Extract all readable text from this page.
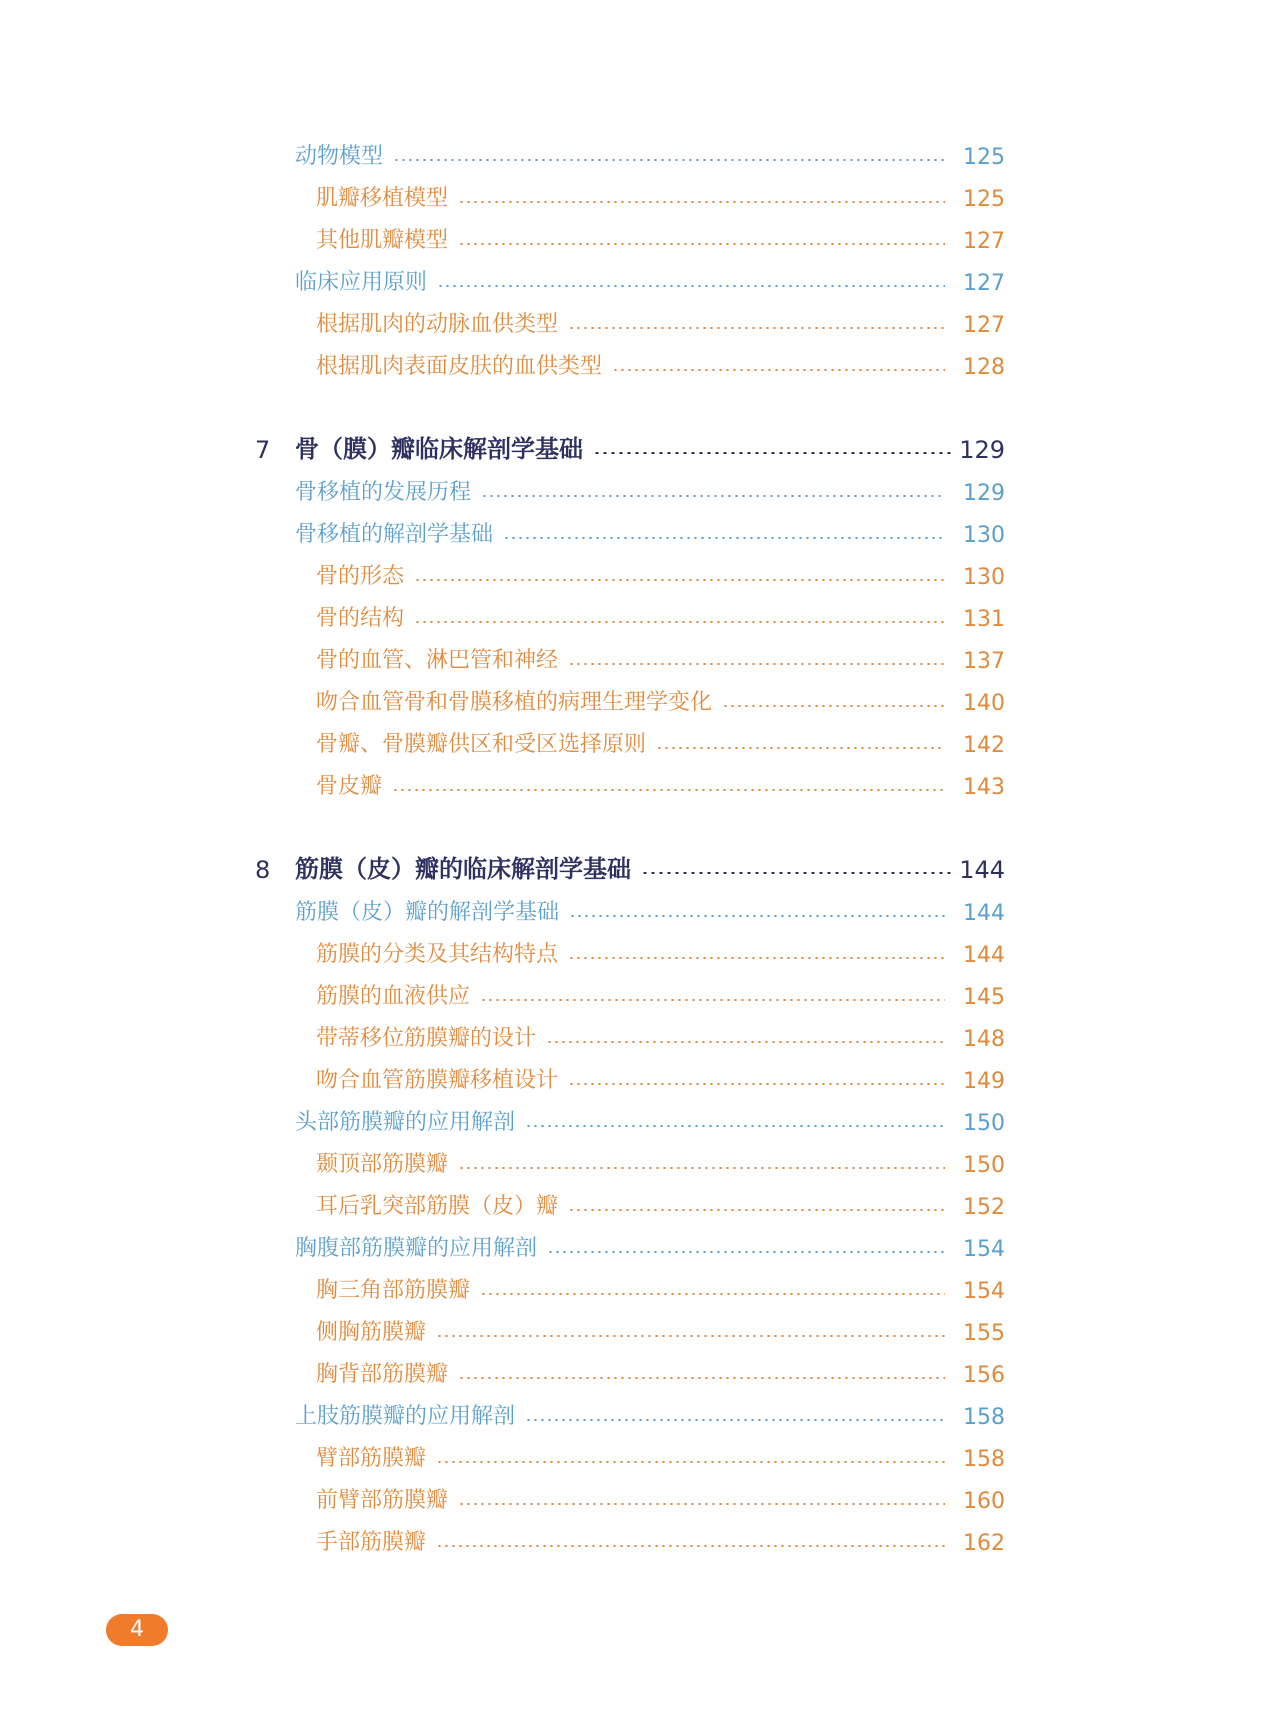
动物模型	125
肌瓣移植模型	125
其他肌瓣模型	127
临床应用原则	127
根据肌肉的动脉血供类型	127
根据肌肉表面皮肤的血供类型	128
7 骨（膜）瓣临床解剖学基础	129
骨移植的发展历程	129
骨移植的解剖学基础	130
骨的形态	130
骨的结构	131
骨的血管、淋巴管和神经	137
吻合血管骨和骨膜移植的病理生理学变化	140
骨瓣、骨膜瓣供区和受区选择原则	142
骨皮瓣	143
8 筋膜（皮）瓣的临床解剖学基础	144
筋膜（皮）瓣的解剖学基础	144
筋膜的分类及其结构特点	144
筋膜的血液供应	145
带蒂移位筋膜瓣的设计	148
吻合血管筋膜瓣移植设计	149
头部筋膜瓣的应用解剖	150
颞顶部筋膜瓣	150
耳后乳突部筋膜（皮）瓣	152
胸腹部筋膜瓣的应用解剖	154
胸三角部筋膜瓣	154
侧胸筋膜瓣	155
胸背部筋膜瓣	156
上肢筋膜瓣的应用解剖	158
臂部筋膜瓣	158
前臂部筋膜瓣	160
手部筋膜瓣	162
4
